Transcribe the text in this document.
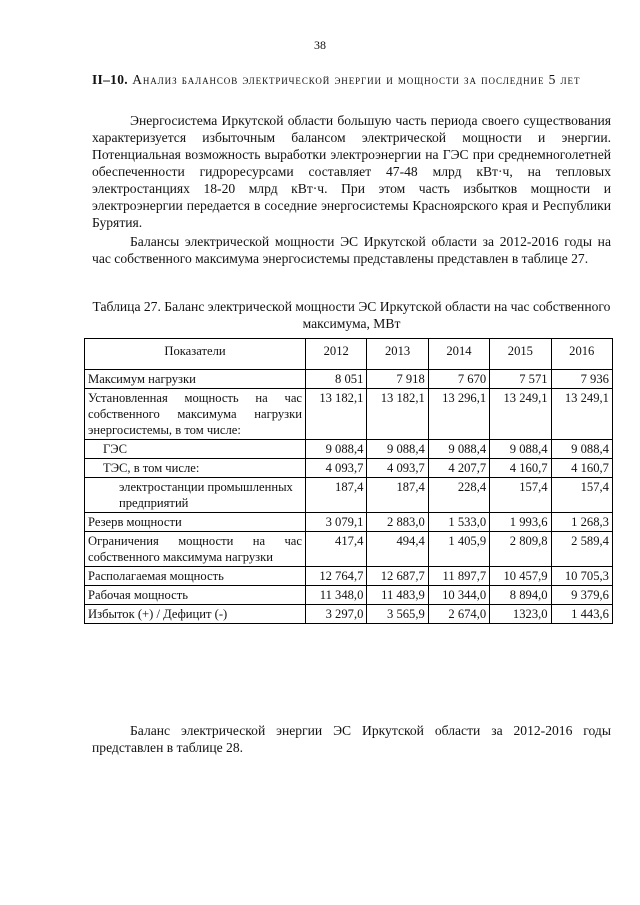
38
II–10. Анализ балансов электрической энергии и мощности за последние 5 лет

Энергосистема Иркутской области большую часть периода своего существования характеризуется избыточным балансом электрической мощности и энергии. Потенциальная возможность выработки электроэнергии на ГЭС при среднемноголетней обеспеченности гидроресурсами составляет 47-48 млрд кВт·ч, на тепловых электростанциях 18-20 млрд кВт·ч. При этом часть избытков мощности и электроэнергии передается в соседние энергосистемы Красноярского края и Республики Бурятия.

Балансы электрической мощности ЭС Иркутской области за 2012-2016 годы на час собственного максимума энергосистемы представлены представлен в таблице 27.

Таблица 27. Баланс электрической мощности ЭС Иркутской области на час собственного максимума, МВт

Показатели	2012	2013	2014	2015	2016
Максимум нагрузки	8 051	7 918	7 670	7 571	7 936
Установленная мощность на час собственного максимума нагрузки энергосистемы, в том числе:	13 182,1	13 182,1	13 296,1	13 249,1	13 249,1
ГЭС	9 088,4	9 088,4	9 088,4	9 088,4	9 088,4
ТЭС, в том числе:	4 093,7	4 093,7	4 207,7	4 160,7	4 160,7
электростанции промышленных предприятий	187,4	187,4	228,4	157,4	157,4
Резерв мощности	3 079,1	2 883,0	1 533,0	1 993,6	1 268,3
Ограничения мощности на час собственного максимума нагрузки	417,4	494,4	1 405,9	2 809,8	2 589,4
Располагаемая мощность	12 764,7	12 687,7	11 897,7	10 457,9	10 705,3
Рабочая мощность	11 348,0	11 483,9	10 344,0	8 894,0	9 379,6
Избыток (+) / Дефицит (-)	3 297,0	3 565,9	2 674,0	1323,0	1 443,6

Баланс электрической энергии ЭС Иркутской области за 2012-2016 годы представлен в таблице 28.
